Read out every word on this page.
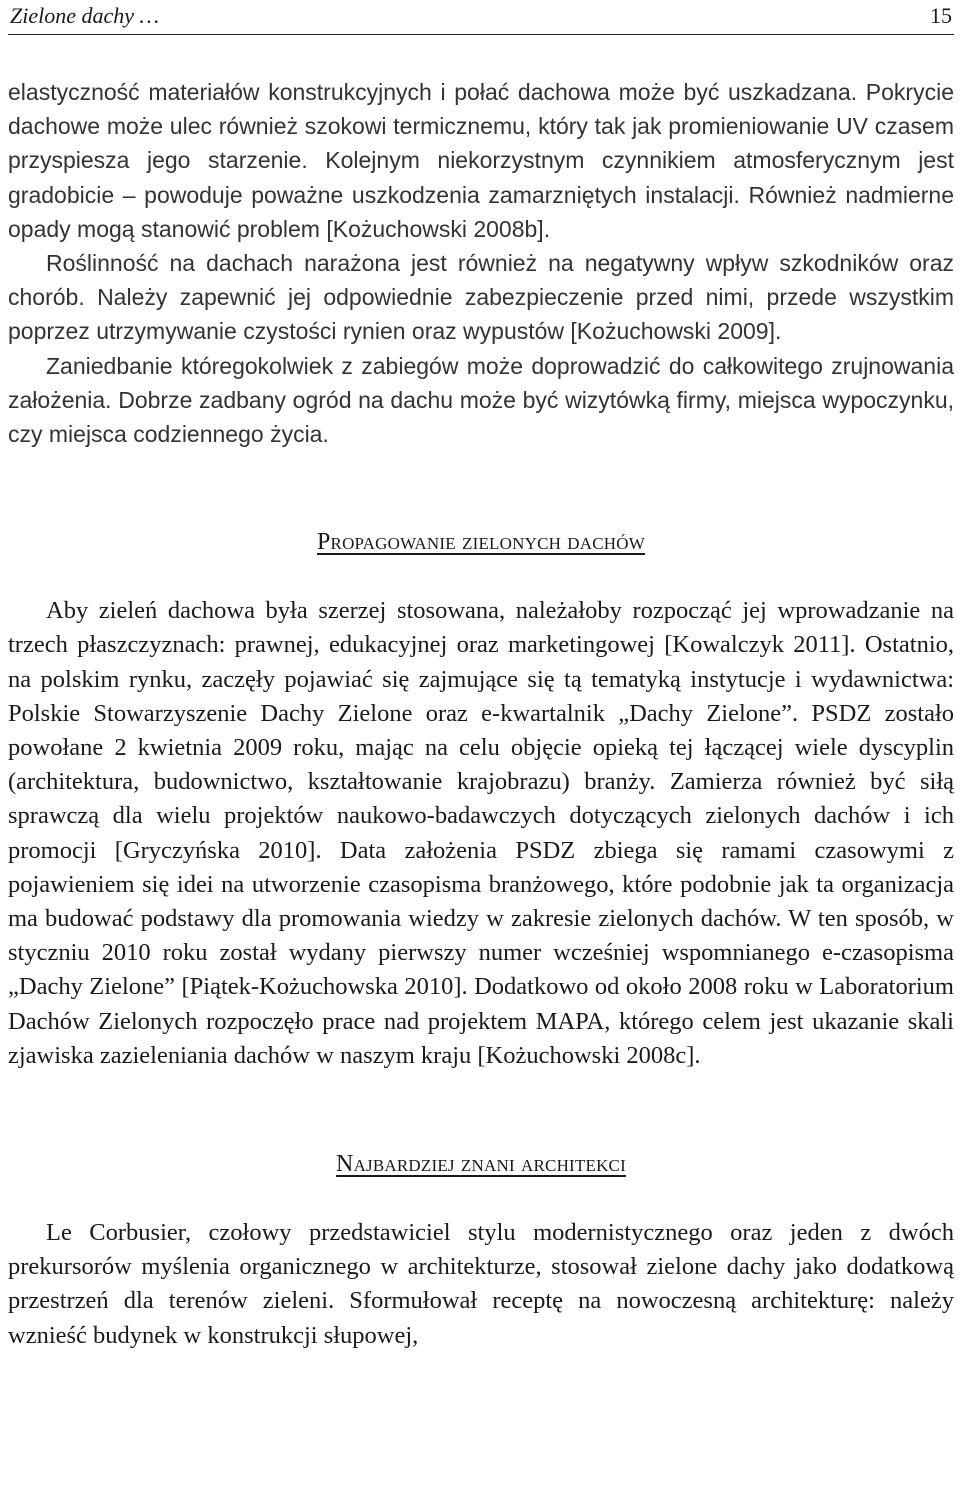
Zielone dachy …	15

elastyczność materiałów konstrukcyjnych i połać dachowa może być uszkadzana. Pokrycie dachowe może ulec również szokowi termicznemu, który tak jak promieniowanie UV czasem przyspiesza jego starzenie. Kolejnym niekorzystnym czynnikiem atmosferycznym jest gradobicie – powoduje poważne uszkodzenia zamarzniętych instalacji. Również nadmierne opady mogą stanowić problem [Kożuchowski 2008b].

Roślinność na dachach narażona jest również na negatywny wpływ szkodników oraz chorób. Należy zapewnić jej odpowiednie zabezpieczenie przed nimi, przede wszystkim poprzez utrzymywanie czystości rynien oraz wypustów [Kożuchowski 2009].

Zaniedbanie któregokolwiek z zabiegów może doprowadzić do całkowitego zrujnowania założenia. Dobrze zadbany ogród na dachu może być wizytówką firmy, miejsca wypoczynku, czy miejsca codziennego życia.

Propagowanie zielonych dachów

Aby zieleń dachowa była szerzej stosowana, należałoby rozpocząć jej wprowadzanie na trzech płaszczyznach: prawnej, edukacyjnej oraz marketingowej [Kowalczyk 2011]. Ostatnio, na polskim rynku, zaczęły pojawiać się zajmujące się tą tematyką instytucje i wydawnictwa: Polskie Stowarzyszenie Dachy Zielone oraz e-kwartalnik „Dachy Zielone”. PSDZ zostało powołane 2 kwietnia 2009 roku, mając na celu objęcie opieką tej łączącej wiele dyscyplin (architektura, budownictwo, kształtowanie krajobrazu) branży. Zamierza również być siłą sprawczą dla wielu projektów naukowo-badawczych dotyczących zielonych dachów i ich promocji [Gryczyńska 2010]. Data założenia PSDZ zbiega się ramami czasowymi z pojawieniem się idei na utworzenie czasopisma branżowego, które podobnie jak ta organizacja ma budować podstawy dla promowania wiedzy w zakresie zielonych dachów. W ten sposób, w styczniu 2010 roku został wydany pierwszy numer wcześniej wspomnianego e-czasopisma „Dachy Zielone” [Piątek-Kożuchowska 2010]. Dodatkowo od około 2008 roku w Laboratorium Dachów Zielonych rozpoczęło prace nad projektem MAPA, którego celem jest ukazanie skali zjawiska zazieleniania dachów w naszym kraju [Kożuchowski 2008c].

Najbardziej znani architekci

Le Corbusier, czołowy przedstawiciel stylu modernistycznego oraz jeden z dwóch prekursorów myślenia organicznego w architekturze, stosował zielone dachy jako dodatkową przestrzeń dla terenów zieleni. Sformułował receptę na nowoczesną architekturę: należy wznieść budynek w konstrukcji słupowej,
